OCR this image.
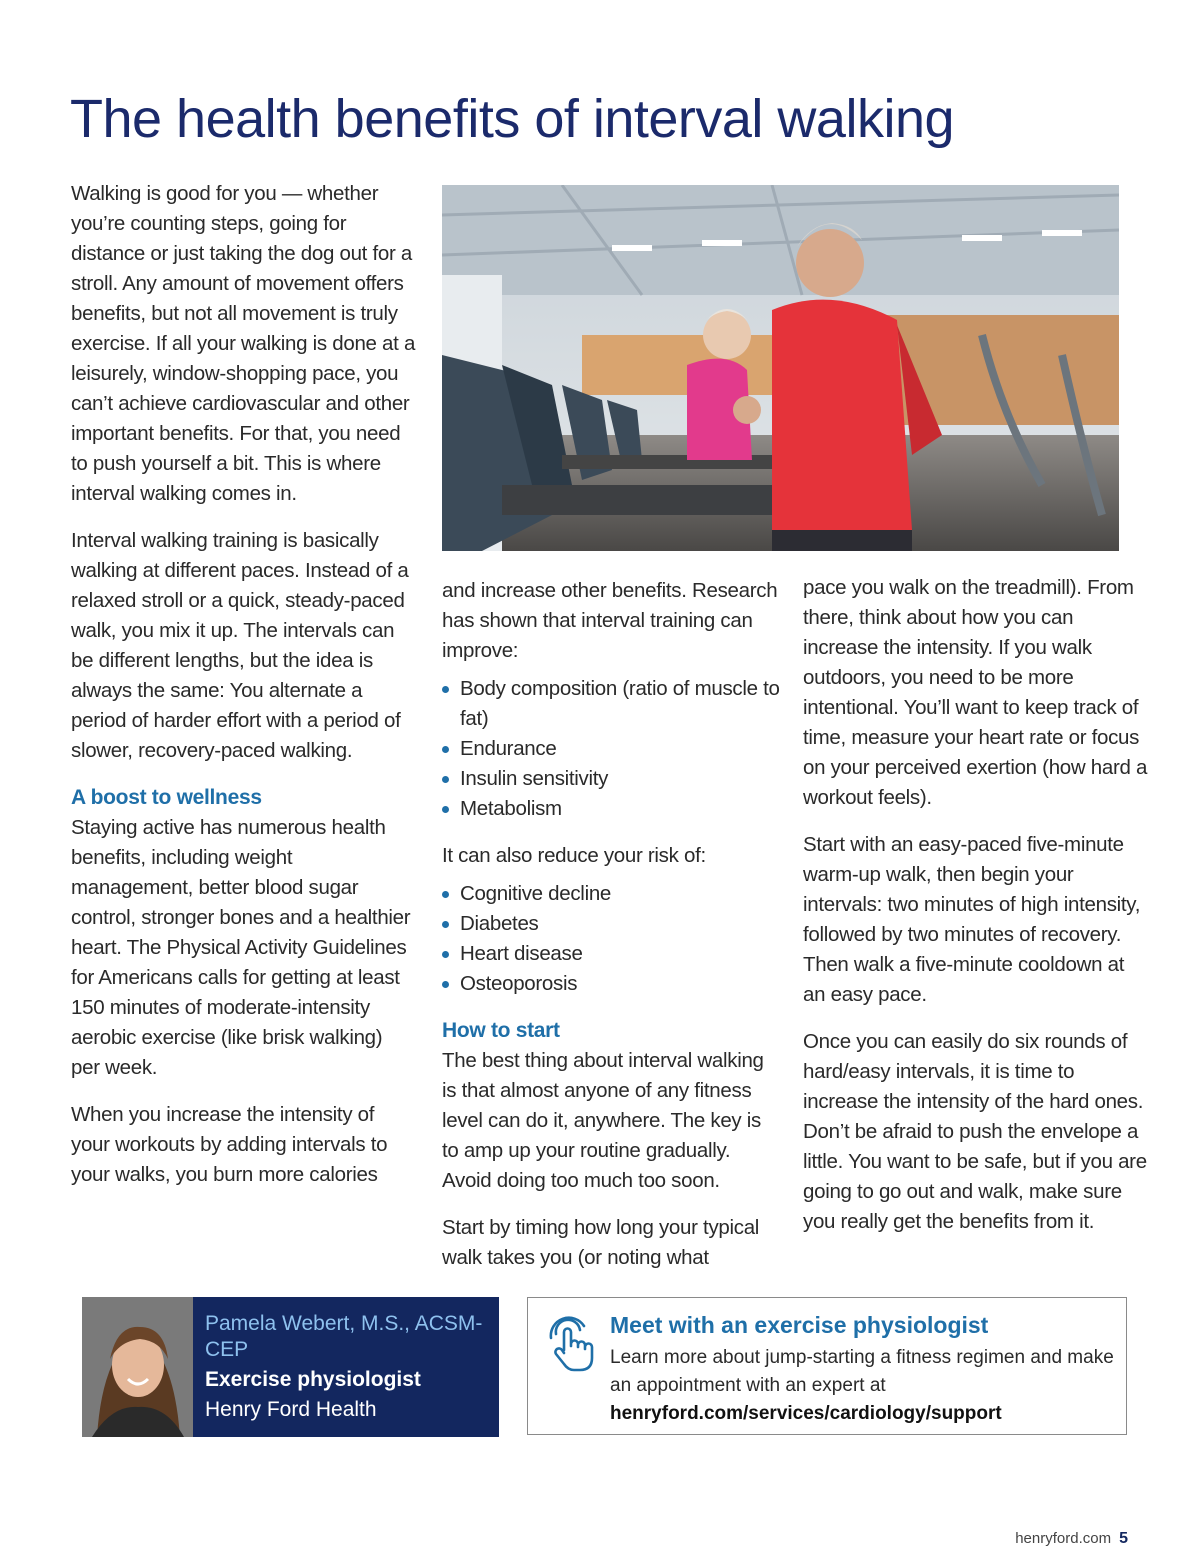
The health benefits of interval walking

Walking is good for you — whether you’re counting steps, going for distance or just taking the dog out for a stroll. Any amount of movement offers benefits, but not all movement is truly exercise. If all your walking is done at a leisurely, window-shopping pace, you can’t achieve cardiovascular and other important benefits. For that, you need to push yourself a bit. This is where interval walking comes in.

Interval walking training is basically walking at different paces. Instead of a relaxed stroll or a quick, steady-paced walk, you mix it up. The intervals can be different lengths, but the idea is always the same: You alternate a period of harder effort with a period of slower, recovery-paced walking.

A boost to wellness

Staying active has numerous health benefits, including weight management, better blood sugar control, stronger bones and a healthier heart. The Physical Activity Guidelines for Americans calls for getting at least 150 minutes of moderate-intensity aerobic exercise (like brisk walking) per week.

When you increase the intensity of your workouts by adding intervals to your walks, you burn more calories

and increase other benefits. Research has shown that interval training can improve:

Body composition (ratio of muscle to fat)
Endurance
Insulin sensitivity
Metabolism

It can also reduce your risk of:

Cognitive decline
Diabetes
Heart disease
Osteoporosis

How to start

The best thing about interval walking is that almost anyone of any fitness level can do it, anywhere. The key is to amp up your routine gradually. Avoid doing too much too soon.

Start by timing how long your typical walk takes you (or noting what

pace you walk on the treadmill). From there, think about how you can increase the intensity. If you walk outdoors, you need to be more intentional. You’ll want to keep track of time, measure your heart rate or focus on your perceived exertion (how hard a workout feels).

Start with an easy-paced five-minute warm-up walk, then begin your intervals: two minutes of high intensity, followed by two minutes of recovery. Then walk a five-minute cooldown at an easy pace.

Once you can easily do six rounds of hard/easy intervals, it is time to increase the intensity of the hard ones. Don’t be afraid to push the envelope a little. You want to be safe, but if you are going to go out and walk, make sure you really get the benefits from it.

Pamela Webert, M.S., ACSM-CEP
Exercise physiologist
Henry Ford Health
Meet with an exercise physiologist
Learn more about jump-starting a fitness regimen and make an appointment with an expert at
henryford.com/services/cardiology/support
henryford.com 5
